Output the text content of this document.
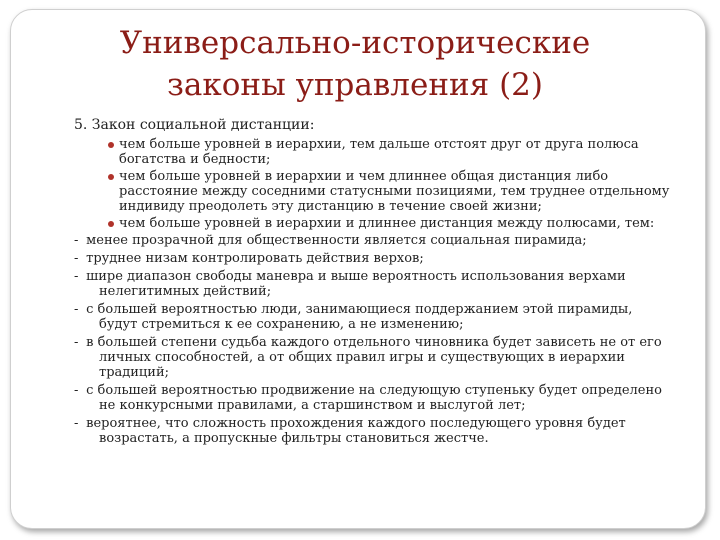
Универсально-исторические законы управления (2)

5. Закон социальной дистанции:

чем больше уровней в иерархии, тем дальше отстоят друг от друга полюса богатства и бедности;
чем больше уровней в иерархии и чем длиннее общая дистанция либо расстояние между соседними статусными позициями, тем труднее отдельному индивиду преодолеть эту дистанцию в течение своей жизни;
чем больше уровней в иерархии и длиннее дистанция между полюсами, тем:
- менее прозрачной для общественности является социальная пирамида;
- труднее низам контролировать действия верхов;
- шире диапазон свободы маневра и выше вероятность использования верхами нелегитимных действий;
- с большей вероятностью люди, занимающиеся поддержанием этой пирамиды, будут стремиться к ее сохранению, а не изменению;
- в большей степени судьба каждого отдельного чиновника будет зависеть не от его личных способностей, а от общих правил игры и существующих в иерархии традиций;
- с большей вероятностью продвижение на следующую ступеньку будет определено не конкурсными правилами, а старшинством и выслугой лет;
- вероятнее, что сложность прохождения каждого последующего уровня будет возрастать, а пропускные фильтры становиться жестче.
